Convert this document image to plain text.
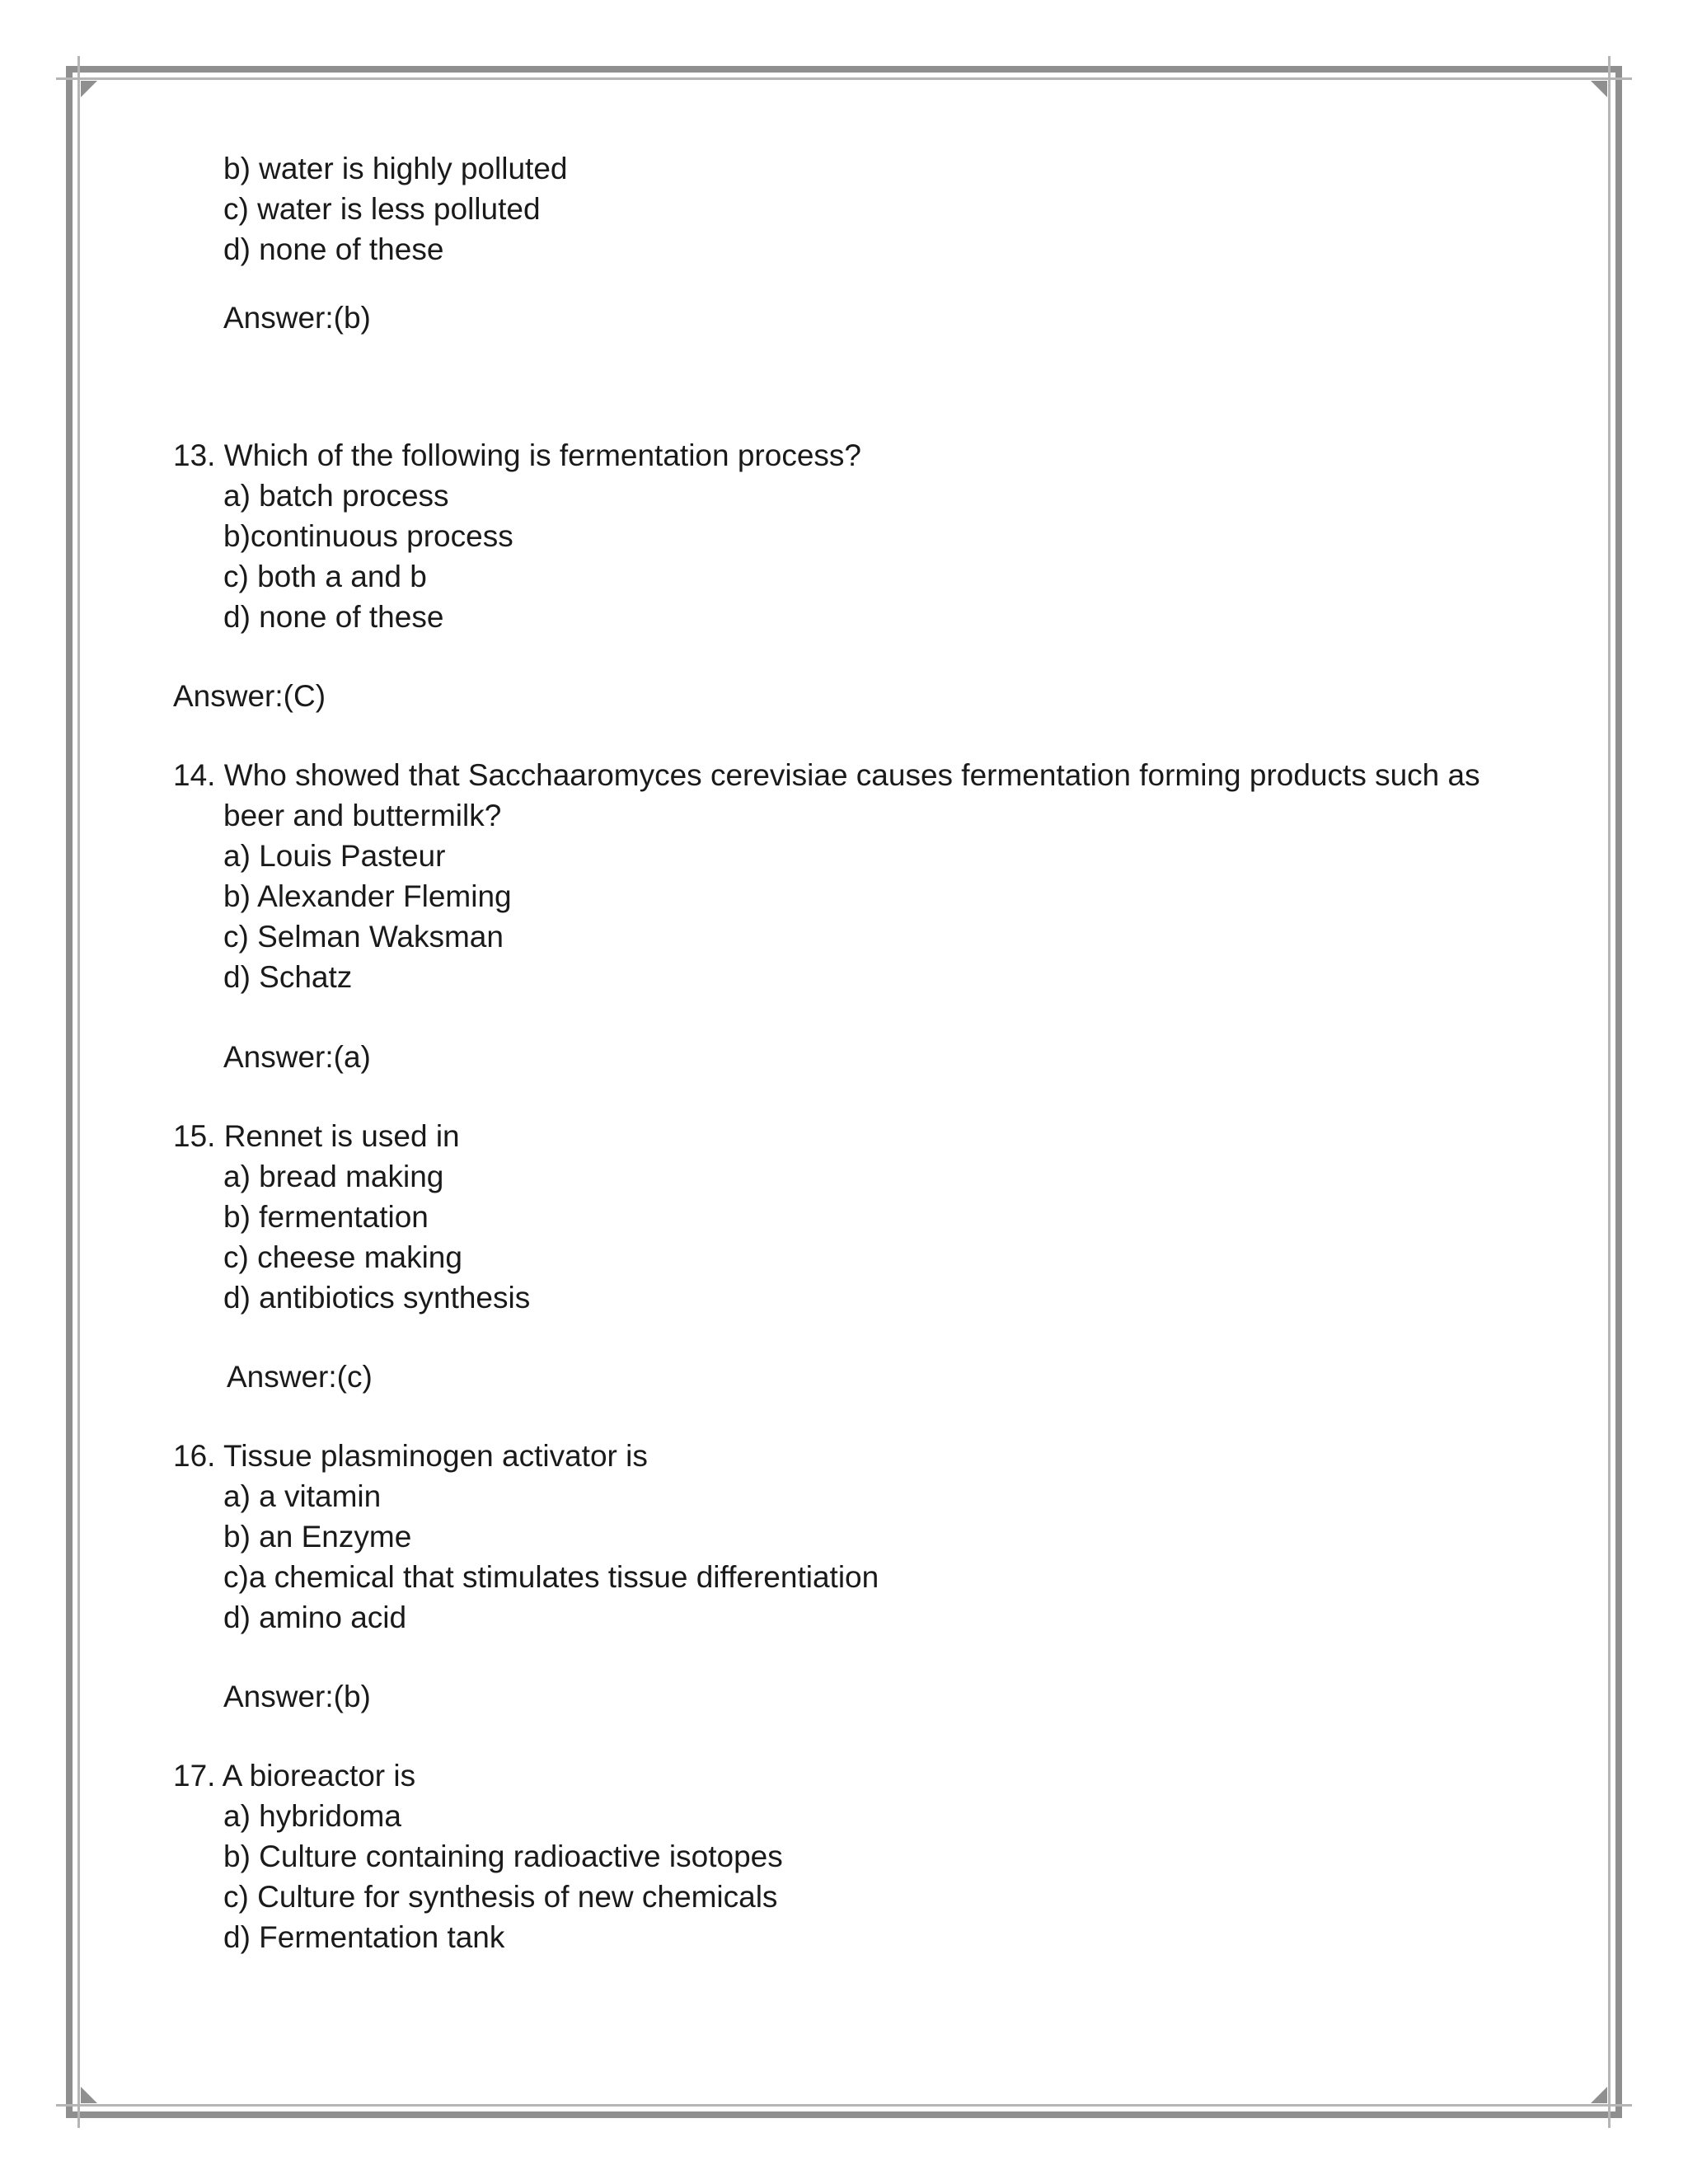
b) water is highly polluted
c) water is less polluted
d) none of these
Answer:(b)
13. Which of the following is fermentation process?
a) batch process
b)continuous process
c) both a and b
d) none of these
Answer:(C)
14. Who showed that Sacchaaromyces cerevisiae causes fermentation forming products such as
beer and buttermilk?
a) Louis Pasteur
b) Alexander Fleming
c) Selman Waksman
d) Schatz
Answer:(a)
15. Rennet is used in
a) bread making
b) fermentation
c) cheese making
d) antibiotics synthesis
Answer:(c)
16. Tissue plasminogen activator is
a) a vitamin
b) an Enzyme
c)a chemical that stimulates tissue differentiation
d) amino acid
Answer:(b)
17. A bioreactor is
a) hybridoma
b) Culture containing radioactive isotopes
c) Culture for synthesis of new chemicals
d) Fermentation tank
